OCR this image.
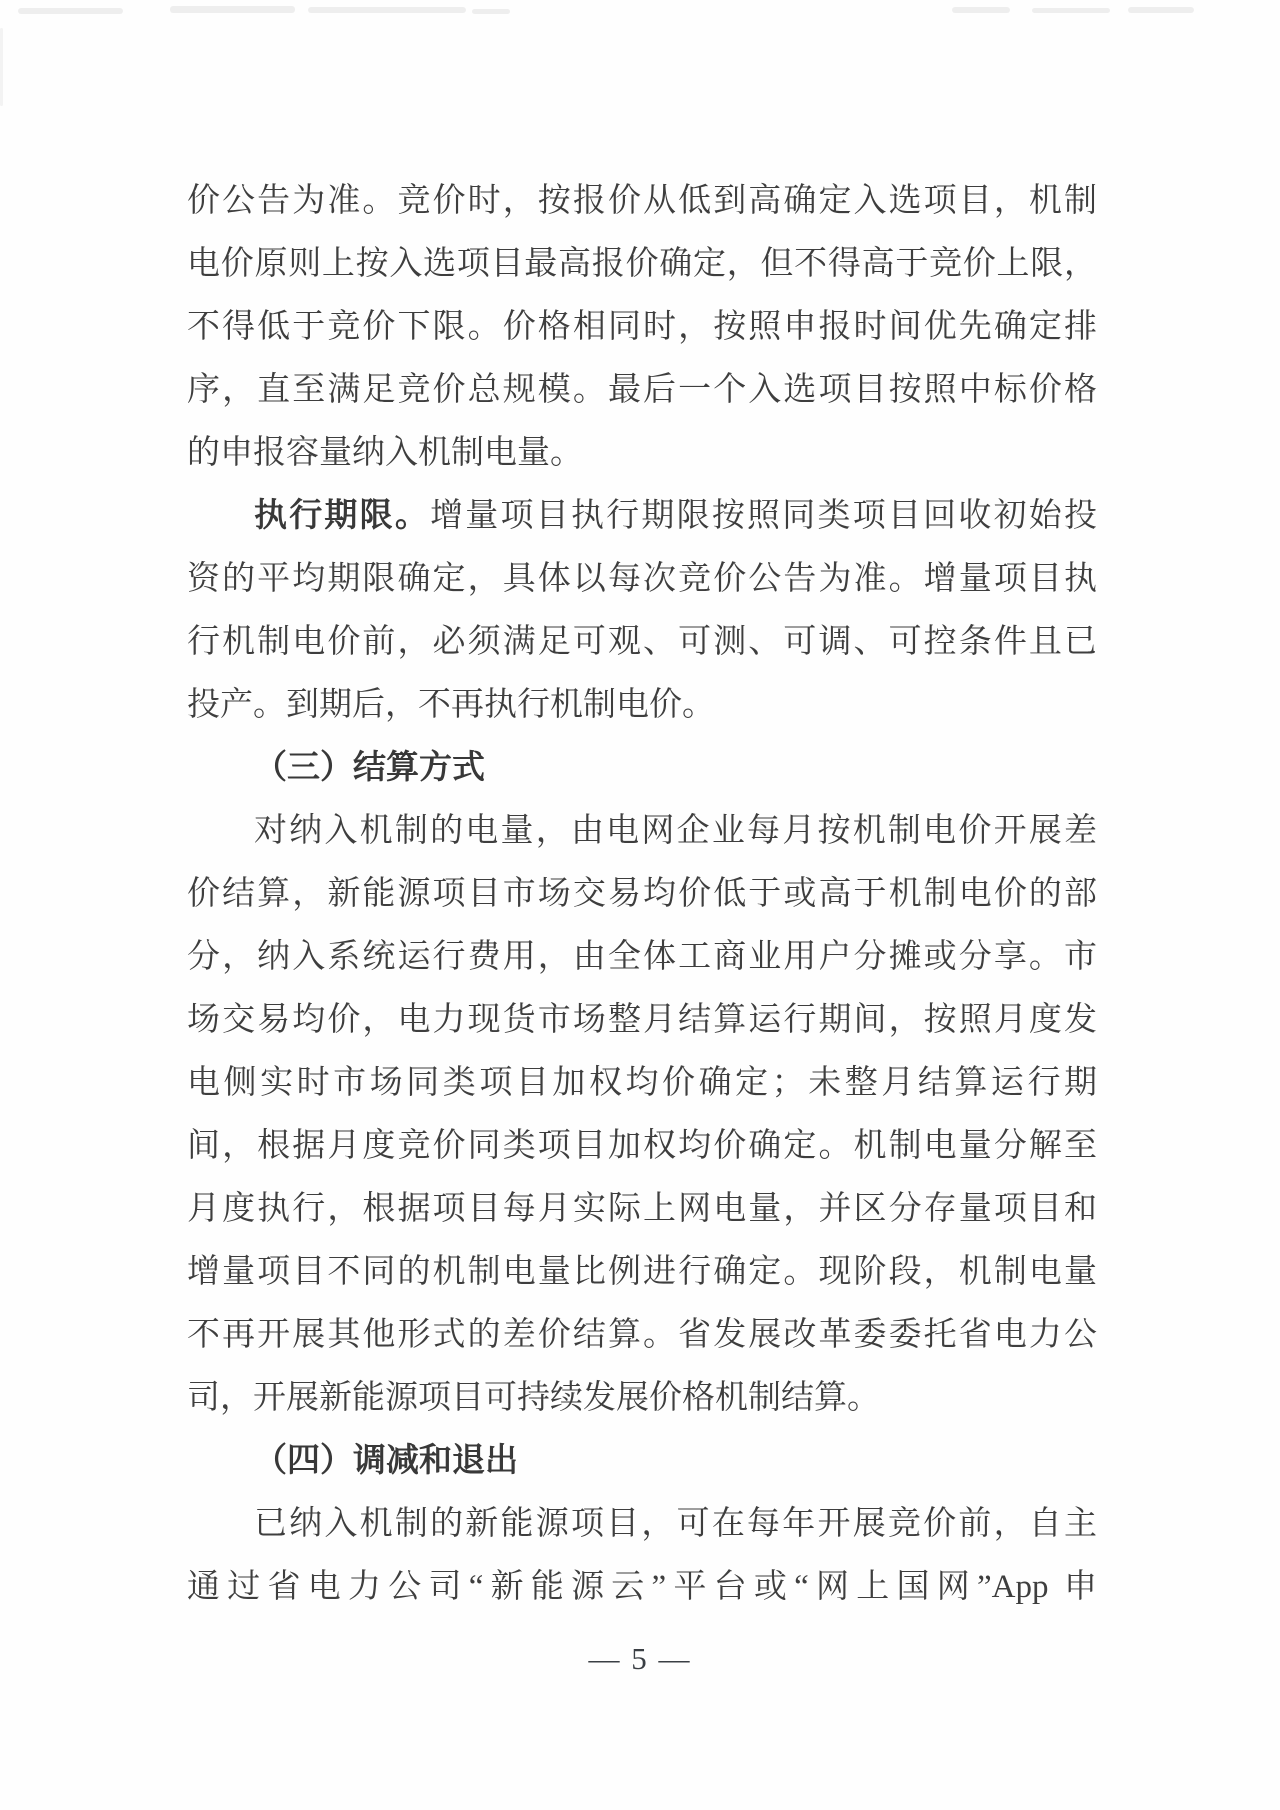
价公告为准。竞价时，按报价从低到高确定入选项目，机制
电价原则上按入选项目最高报价确定，但不得高于竞价上限，
不得低于竞价下限。价格相同时，按照申报时间优先确定排
序，直至满足竞价总规模。最后一个入选项目按照中标价格
的申报容量纳入机制电量。
执行期限。增量项目执行期限按照同类项目回收初始投
资的平均期限确定，具体以每次竞价公告为准。增量项目执
行机制电价前，必须满足可观、可测、可调、可控条件且已
投产。到期后，不再执行机制电价。
（三）结算方式
对纳入机制的电量，由电网企业每月按机制电价开展差
价结算，新能源项目市场交易均价低于或高于机制电价的部
分，纳入系统运行费用，由全体工商业用户分摊或分享。市
场交易均价，电力现货市场整月结算运行期间，按照月度发
电侧实时市场同类项目加权均价确定；未整月结算运行期
间，根据月度竞价同类项目加权均价确定。机制电量分解至
月度执行，根据项目每月实际上网电量，并区分存量项目和
增量项目不同的机制电量比例进行确定。现阶段，机制电量
不再开展其他形式的差价结算。省发展改革委委托省电力公
司，开展新能源项目可持续发展价格机制结算。
（四）调减和退出
已纳入机制的新能源项目，可在每年开展竞价前，自主
通过省电力公司“新能源云”平台或“网上国网”App 申
— 5 —
